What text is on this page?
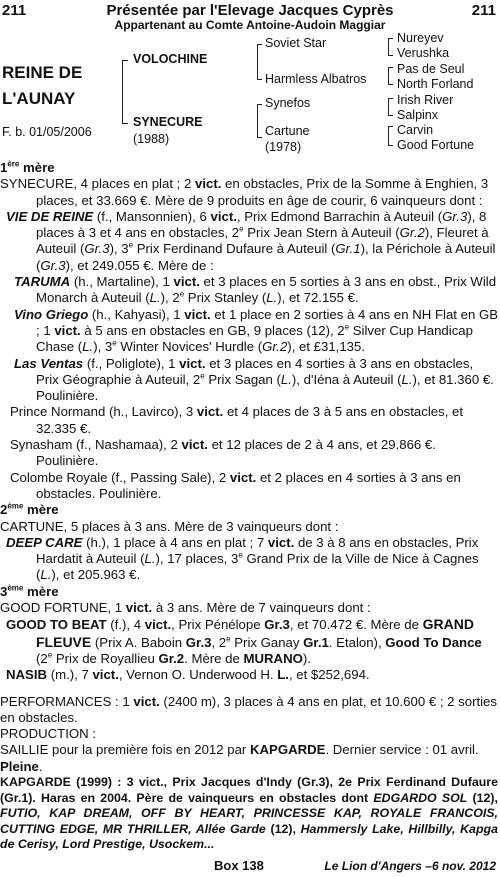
211	Présentée par l'Elevage Jacques Cyprès	211
Appartenant au Comte Antoine-Audoin Maggiar
REINE DE
L'AUNAY
F. b. 01/05/2006
VOLOCHINE
SYNECURE
(1988)
Soviet Star
Harmless Albatros
Synefos
Cartune
(1978)
Nureyev
Verushka
Pas de Seul
North Forland
Irish River
Salpinx
Carvin
Good Fortune

1ère mère

SYNECURE, 4 places en plat ; 2 vict. en obstacles, Prix de la Somme à Enghien, 3 places, et 33.669 €. Mère de 9 produits en âge de courir, 6 vainqueurs dont :

VIE DE REINE (f., Mansonnien), 6 vict., Prix Edmond Barrachin à Auteuil (Gr.3), 8 places à 3 et 4 ans en obstacles, 2e Prix Jean Stern à Auteuil (Gr.2), Fleuret à Auteuil (Gr.3), 3e Prix Ferdinand Dufaure à Auteuil (Gr.1), la Périchole à Auteuil (Gr.3), et 249.055 €. Mère de :

TARUMA (h., Martaline), 1 vict. et 3 places en 5 sorties à 3 ans en obst., Prix Wild Monarch à Auteuil (L.), 2e Prix Stanley (L.), et 72.155 €.

Vino Griego (h., Kahyasi), 1 vict. et 1 place en 2 sorties à 4 ans en NH Flat en GB ; 1 vict. à 5 ans en obstacles en GB, 9 places (12), 2e Silver Cup Handicap Chase (L.), 3e Winter Novices' Hurdle (Gr.2), et £31,135.

Las Ventas (f., Poliglote), 1 vict. et 3 places en 4 sorties à 3 ans en obstacles, Prix Géographie à Auteuil, 2e Prix Sagan (L.), d'Iéna à Auteuil (L.), et 81.360 €. Poulinière.

Prince Normand (h., Lavirco), 3 vict. et 4 places de 3 à 5 ans en obstacles, et 32.335 €.

Synasham (f., Nashamaa), 2 vict. et 12 places de 2 à 4 ans, et 29.866 €. Poulinière.

Colombe Royale (f., Passing Sale), 2 vict. et 2 places en 4 sorties à 3 ans en obstacles. Poulinière.

2ème mère

CARTUNE, 5 places à 3 ans. Mère de 3 vainqueurs dont :

DEEP CARE (h.), 1 place à 4 ans en plat ; 7 vict. de 3 à 8 ans en obstacles, Prix Hardatit à Auteuil (L.), 17 places, 3e Grand Prix de la Ville de Nice à Cagnes (L.), et 205.963 €.

3ème mère

GOOD FORTUNE, 1 vict. à 3 ans. Mère de 7 vainqueurs dont :

GOOD TO BEAT (f.), 4 vict., Prix Pénélope Gr.3, et 70.472 €. Mère de GRAND FLEUVE (Prix A. Baboin Gr.3, 2e Prix Ganay Gr.1. Etalon), Good To Dance (2e Prix de Royallieu Gr.2. Mère de MURANO).

NASIB (m.), 7 vict., Vernon O. Underwood H. L., et $252,694.

PERFORMANCES : 1 vict. (2400 m), 3 places à 4 ans en plat, et 10.600 € ; 2 sorties en obstacles.

PRODUCTION :

SAILLIE pour la première fois en 2012 par KAPGARDE. Dernier service : 01 avril. Pleine.

KAPGARDE (1999) : 3 vict., Prix Jacques d'Indy (Gr.3), 2e Prix Ferdinand Dufaure (Gr.1). Haras en 2004. Père de vainqueurs en obstacles dont EDGARDO SOL (12), FUTIO, KAP DREAM, OFF BY HEART, PRINCESSE KAP, ROYALE FRANCOIS, CUTTING EDGE, MR THRILLER, Allée Garde (12), Hammersly Lake, Hillbilly, Kapga de Cerisy, Lord Prestige, Usockem...

Box 138	Le Lion d'Angers –6 nov. 2012
